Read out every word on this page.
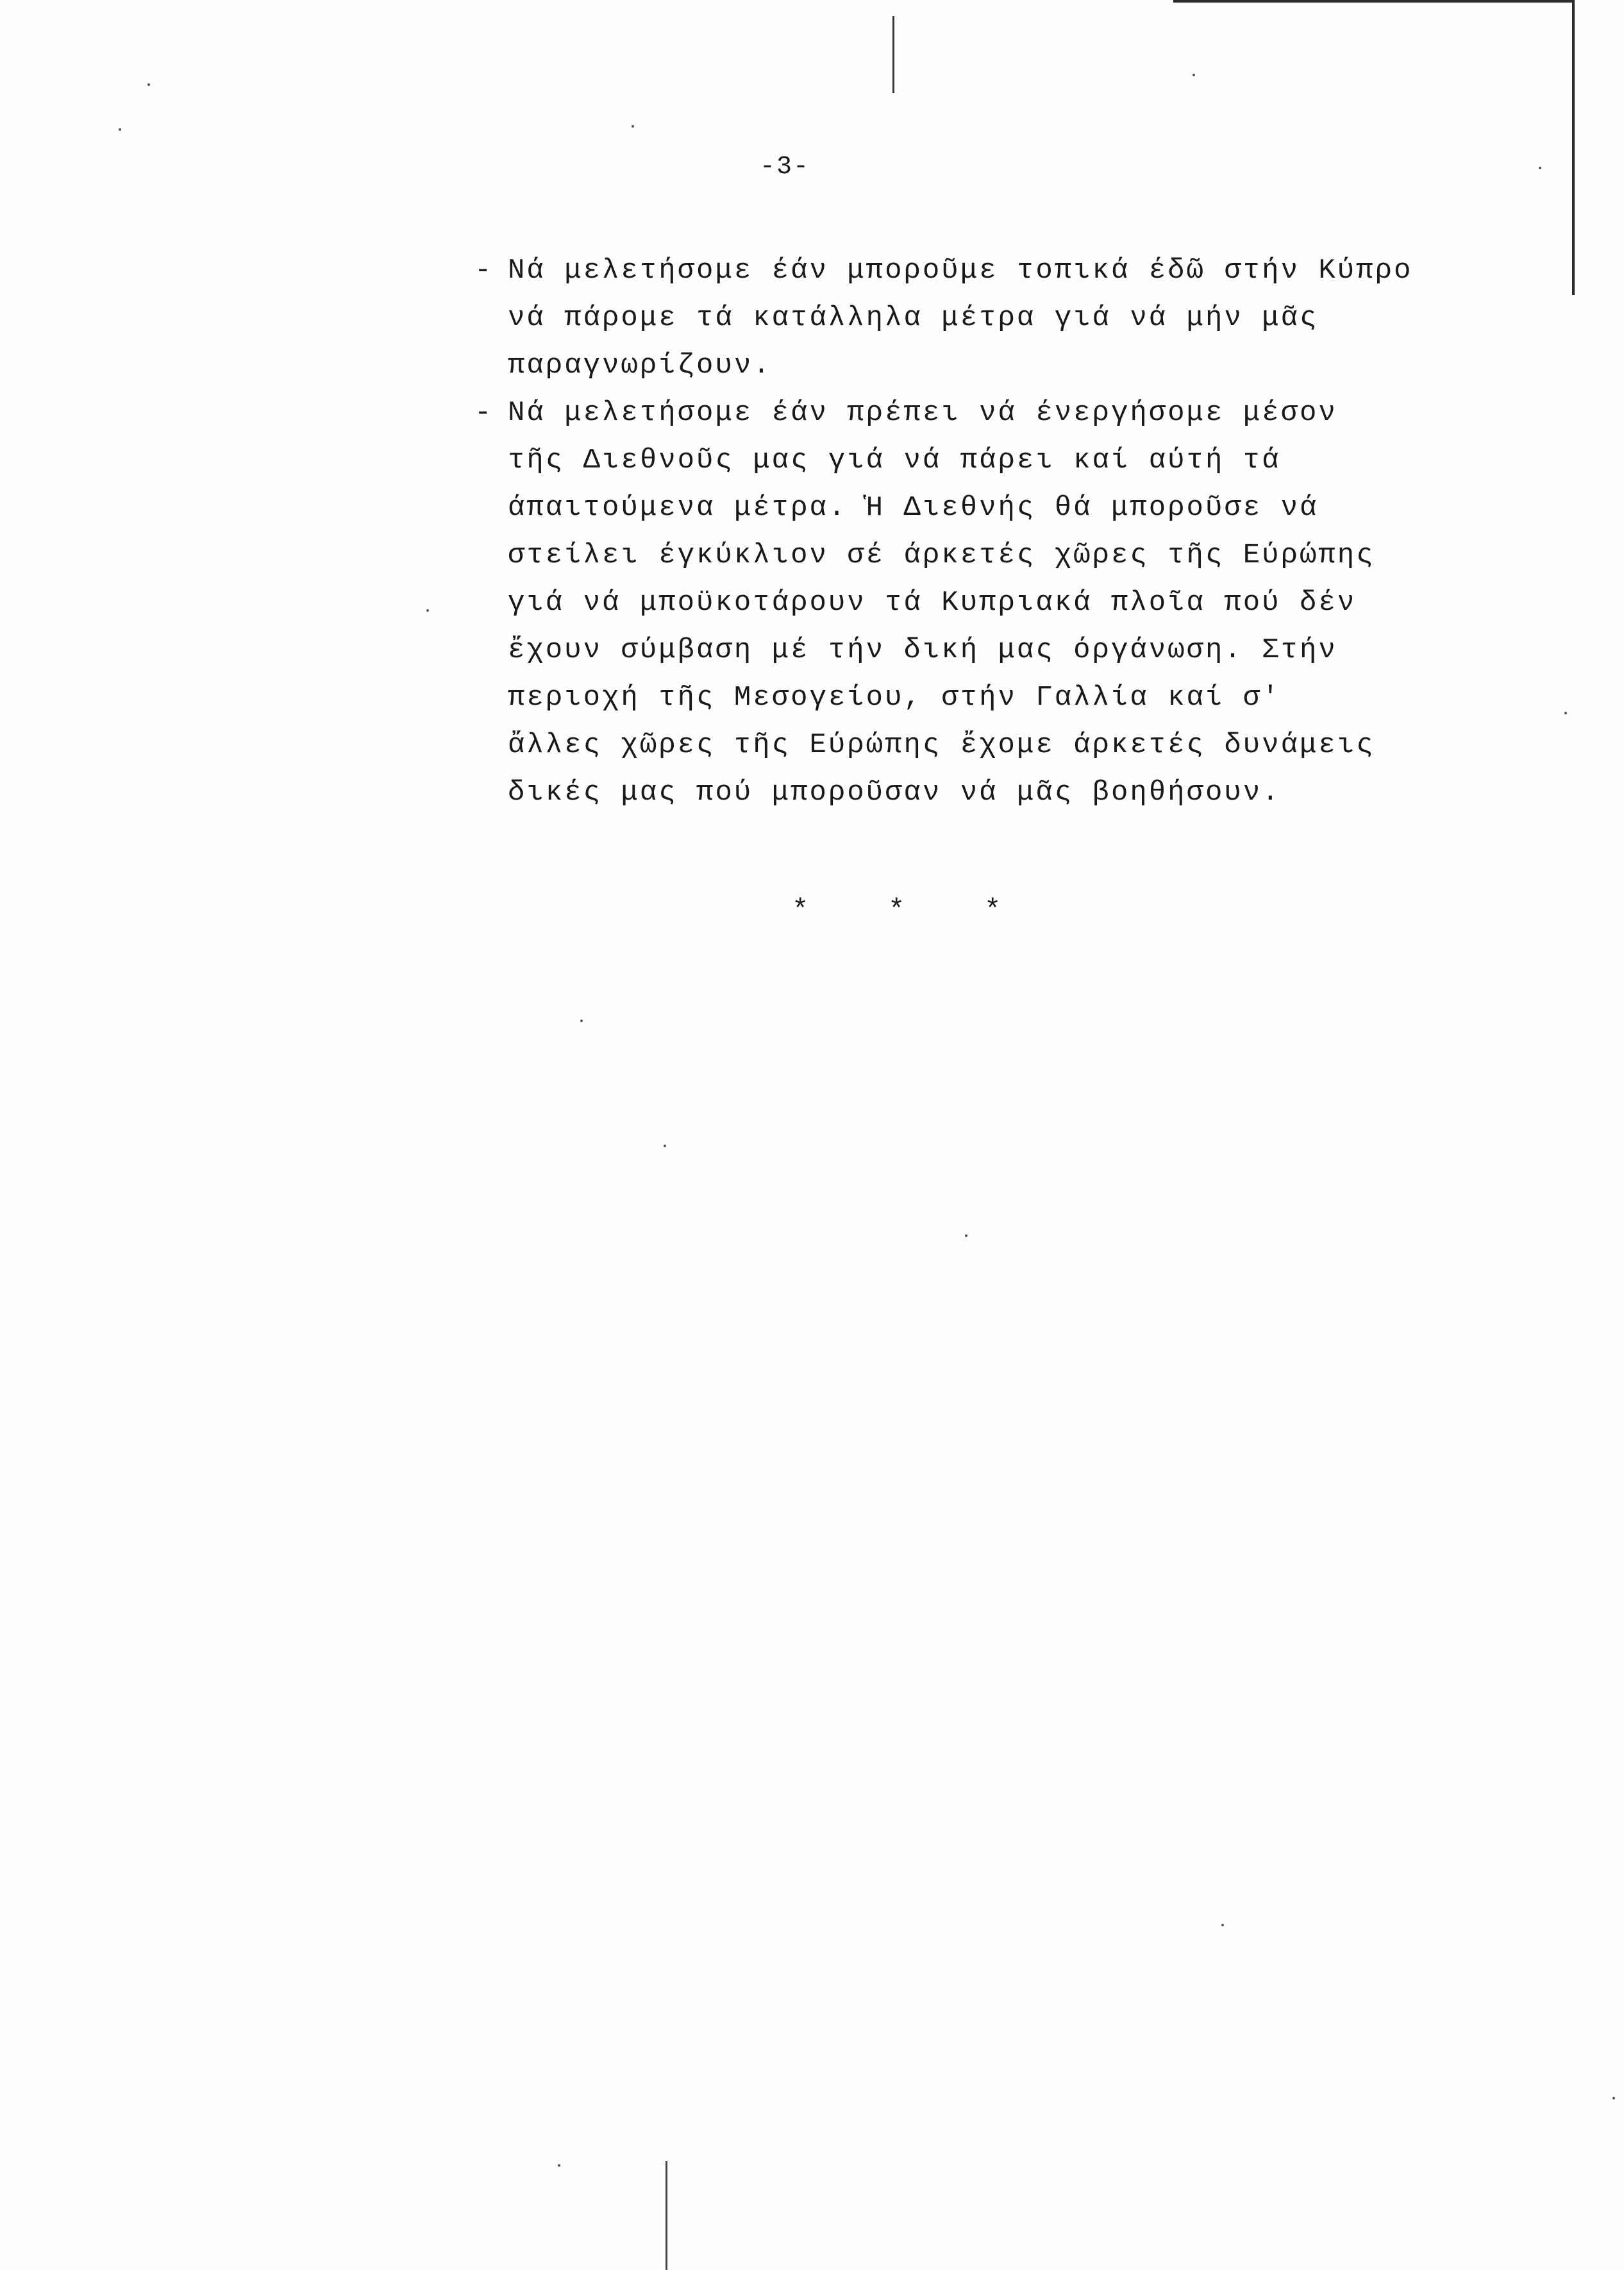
-3-
- Νά μελετήσομε έάν μποροῦμε τοπικά έδῶ στήν Κύπρο
νά πάρομε τά κατάλληλα μέτρα γιά νά μήν μᾶς
παραγνωρίζουν.
- Νά μελετήσομε έάν πρέπει νά ένεργήσομε μέσον
τῆς Διεθνοῦς μας γιά νά πάρει καί αύτή τά
άπαιτούμενα μέτρα. Ἡ Διεθνής θά μποροῦσε νά
στείλει έγκύκλιον σέ άρκετές χῶρες τῆς Εύρώπης
γιά νά μποϋκοτάρουν τά Κυπριακά πλοῖα πού δέν
ἔχουν σύμβαση μέ τήν δική μας όργάνωση. Στήν
περιοχή τῆς Μεσογείου, στήν Γαλλία καί σ'
ἄλλες χῶρες τῆς Εύρώπης ἔχομε άρκετές δυνάμεις
δικές μας πού μποροῦσαν νά μᾶς βοηθήσουν.
*	*	*
